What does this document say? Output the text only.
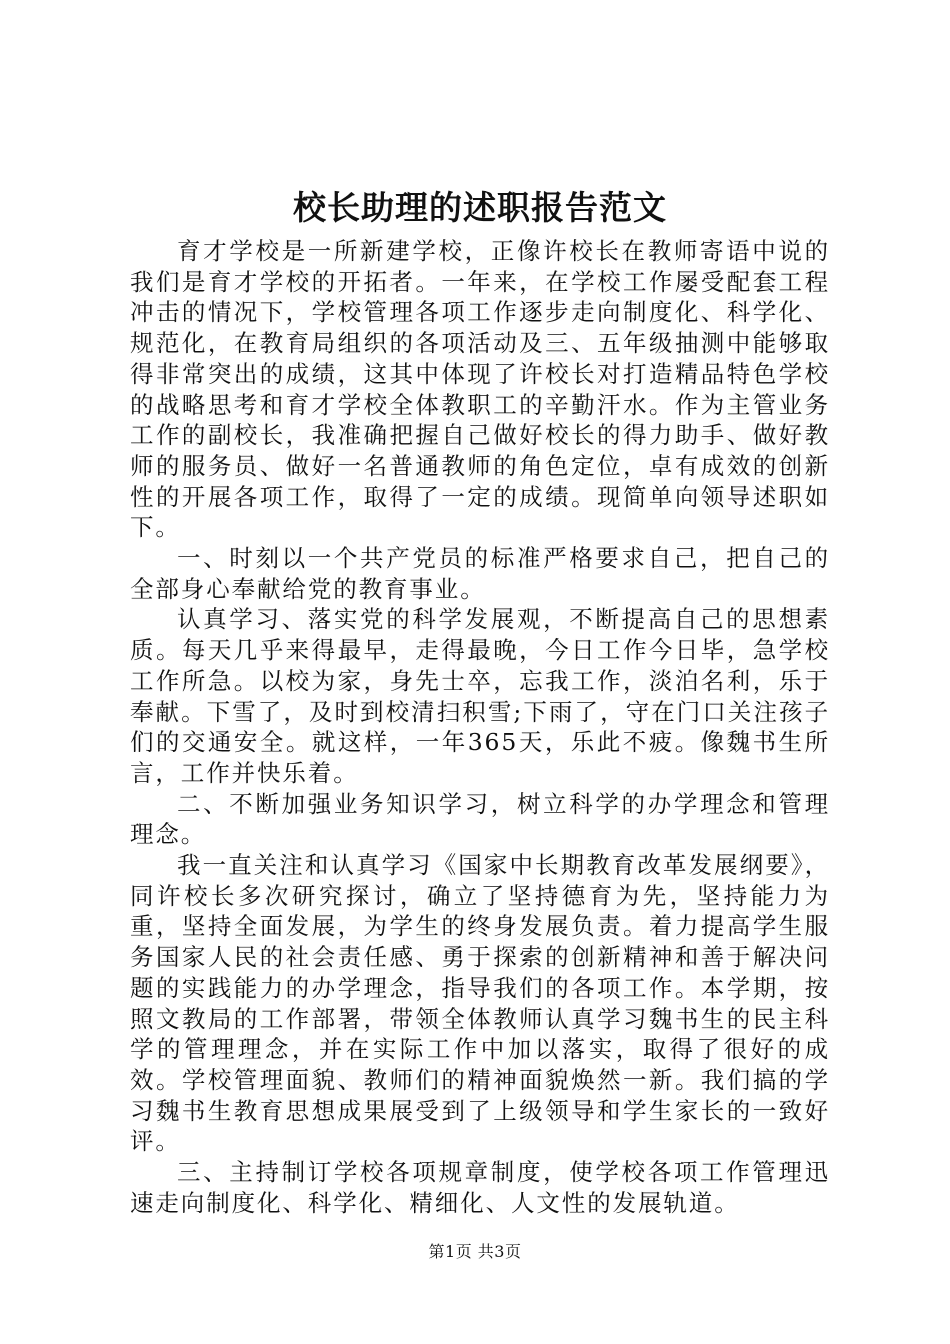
校长助理的述职报告范文

育才学校是一所新建学校，正像许校长在教师寄语中说的我们是育才学校的开拓者。一年来，在学校工作屡受配套工程冲击的情况下，学校管理各项工作逐步走向制度化、科学化、规范化，在教育局组织的各项活动及三、五年级抽测中能够取得非常突出的成绩，这其中体现了许校长对打造精品特色学校的战略思考和育才学校全体教职工的辛勤汗水。作为主管业务工作的副校长，我准确把握自己做好校长的得力助手、做好教师的服务员、做好一名普通教师的角色定位，卓有成效的创新性的开展各项工作，取得了一定的成绩。现简单向领导述职如下。

一、时刻以一个共产党员的标准严格要求自己，把自己的全部身心奉献给党的教育事业。

认真学习、落实党的科学发展观，不断提高自己的思想素质。每天几乎来得最早，走得最晚，今日工作今日毕，急学校工作所急。以校为家，身先士卒，忘我工作，淡泊名利，乐于奉献。下雪了，及时到校清扫积雪;下雨了，守在门口关注孩子们的交通安全。就这样，一年365天，乐此不疲。像魏书生所言，工作并快乐着。

二、不断加强业务知识学习，树立科学的办学理念和管理理念。

我一直关注和认真学习《国家中长期教育改革发展纲要》，同许校长多次研究探讨，确立了坚持德育为先，坚持能力为重，坚持全面发展，为学生的终身发展负责。着力提高学生服务国家人民的社会责任感、勇于探索的创新精神和善于解决问题的实践能力的办学理念，指导我们的各项工作。本学期，按照文教局的工作部署，带领全体教师认真学习魏书生的民主科学的管理理念，并在实际工作中加以落实，取得了很好的成效。学校管理面貌、教师们的精神面貌焕然一新。我们搞的学习魏书生教育思想成果展受到了上级领导和学生家长的一致好评。

三、主持制订学校各项规章制度，使学校各项工作管理迅速走向制度化、科学化、精细化、人文性的发展轨道。

第1页 共3页
